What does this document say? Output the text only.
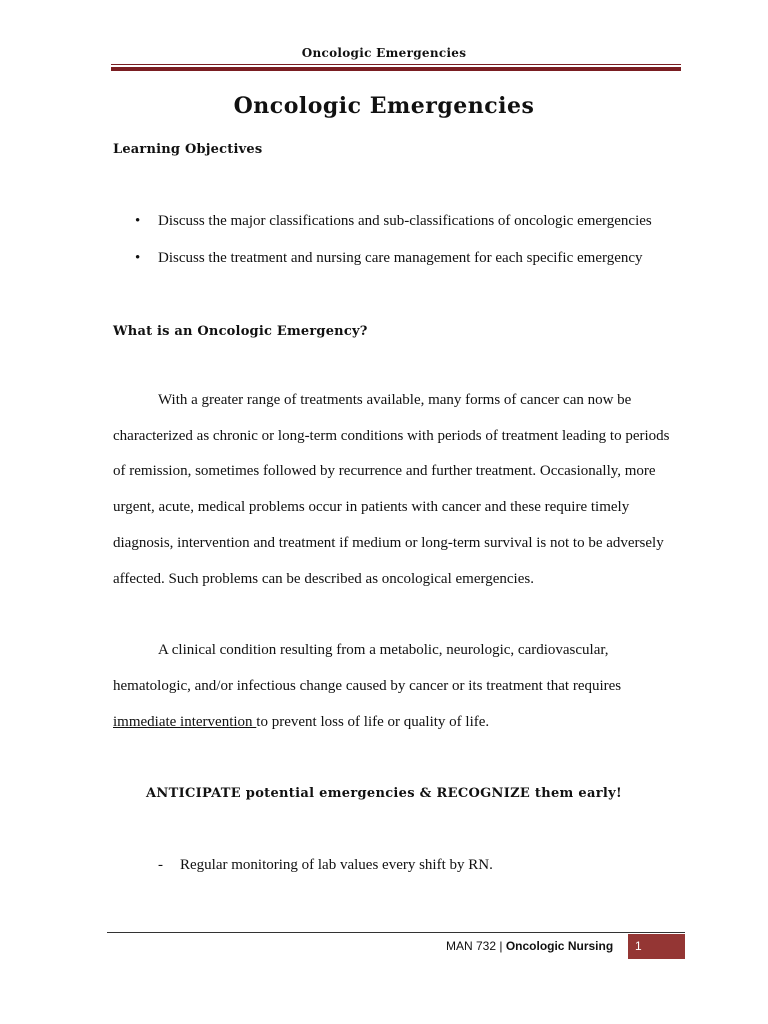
Oncologic Emergencies
Oncologic Emergencies
Learning Objectives
• Discuss the major classifications and sub-classifications of oncologic emergencies
• Discuss the treatment and nursing care management for each specific emergency
What is an Oncologic Emergency?
With a greater range of treatments available, many forms of cancer can now be
characterized as chronic or long-term conditions with periods of treatment leading to periods
of remission, sometimes followed by recurrence and further treatment. Occasionally, more
urgent, acute, medical problems occur in patients with cancer and these require timely
diagnosis, intervention and treatment if medium or long-term survival is not to be adversely
affected. Such problems can be described as oncological emergencies.
A clinical condition resulting from a metabolic, neurologic, cardiovascular,
hematologic, and/or infectious change caused by cancer or its treatment that requires
immediate intervention to prevent loss of life or quality of life.
ANTICIPATE potential emergencies & RECOGNIZE them early!
- Regular monitoring of lab values every shift by RN.
MAN 732 | Oncologic Nursing 1
